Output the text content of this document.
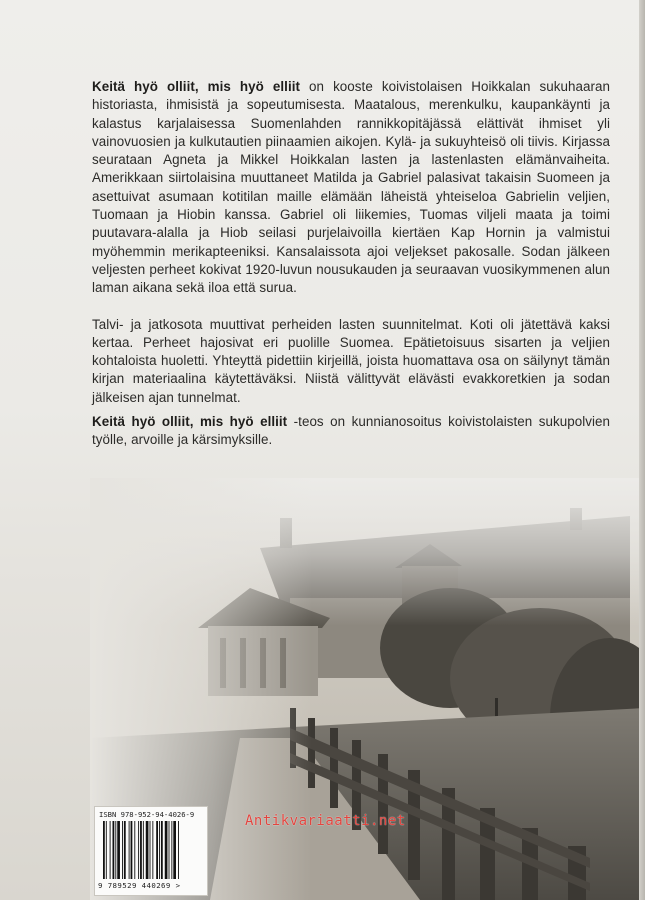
Keitä hyö olliit, mis hyö elliit on kooste koivistolaisen Hoikkalan sukuhaaran historiasta, ihmisistä ja sopeutumisesta. Maatalous, merenkulku, kaupankäynti ja kalastus karjalaisessa Suomenlahden rannikkopitäjässä elättivät ihmiset yli vainovuosien ja kulkutautien piinaamien aikojen. Kylä- ja sukuyhteisö oli tiivis. Kirjassa seurataan Agneta ja Mikkel Hoikkalan lasten ja lastenlasten elämänvaiheita. Amerikkaan siirtolaisina muuttaneet Matilda ja Gabriel palasivat takaisin Suomeen ja asettuivat asumaan kotitilan maille elämään läheistä yhteiseloa Gabrielin veljien, Tuomaan ja Hiobin kanssa. Gabriel oli liikemies, Tuomas viljeli maata ja toimi puutavara-alalla ja Hiob seilasi purjelaivoilla kiertäen Kap Hornin ja valmistui myöhemmin merikapteeniksi. Kansalaissota ajoi veljekset pakosalle. Sodan jälkeen veljesten perheet kokivat 1920-luvun nousukauden ja seuraavan vuosikymmenen alun laman aikana sekä iloa että surua.

Talvi- ja jatkosota muuttivat perheiden lasten suunnitelmat. Koti oli jätettävä kaksi kertaa. Perheet hajosivat eri puolille Suomea. Epätietoisuus sisarten ja veljien kohtaloista huoletti. Yhteyttä pidettiin kirjeillä, joista huomattava osa on säilynyt tämän kirjan materiaalina käytettäväksi. Niistä välittyvät elävästi evakkoretkien ja sodan jälkeisen ajan tunnelmat.

Keitä hyö olliit, mis hyö elliit -teos on kunnianosoitus koivistolaisten sukupolvien työlle, arvoille ja kärsimyksille.

ISBN 978-952-94-4026-9
9 789529 440269 >
Antikvariaatti.net
